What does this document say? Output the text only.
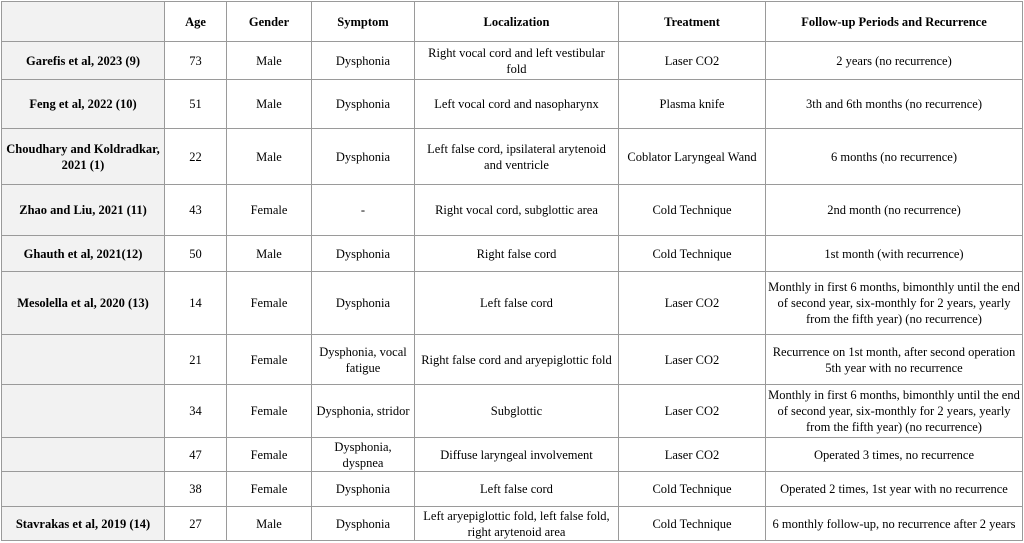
	Age	Gender	Symptom	Localization	Treatment	Follow-up Periods and Recurrence
Garefis et al, 2023 (9)	73	Male	Dysphonia	Right vocal cord and left vestibular fold	Laser CO2	2 years (no recurrence)
Feng et al, 2022 (10)	51	Male	Dysphonia	Left vocal cord and nasopharynx	Plasma knife	3th and 6th months (no recurrence)
Choudhary and Koldradkar, 2021 (1)	22	Male	Dysphonia	Left false cord, ipsilateral arytenoid and ventricle	Coblator Laryngeal Wand	6 months (no recurrence)
Zhao and Liu, 2021 (11)	43	Female	-	Right vocal cord, subglottic area	Cold Technique	2nd month (no recurrence)
Ghauth et al, 2021(12)	50	Male	Dysphonia	Right false cord	Cold Technique	1st month (with recurrence)
Mesolella et al, 2020 (13)	14	Female	Dysphonia	Left false cord	Laser CO2	Monthly in first 6 months, bimonthly until the end of second year, six-monthly for 2 years, yearly from the fifth year) (no recurrence)
	21	Female	Dysphonia, vocal fatigue	Right false cord and aryepiglottic fold	Laser CO2	Recurrence on 1st month, after second operation 5th year with no recurrence
	34	Female	Dysphonia, stridor	Subglottic	Laser CO2	Monthly in first 6 months, bimonthly until the end of second year, six-monthly for 2 years, yearly from the fifth year) (no recurrence)
	47	Female	Dysphonia, dyspnea	Diffuse laryngeal involvement	Laser CO2	Operated 3 times, no recurrence
	38	Female	Dysphonia	Left false cord	Cold Technique	Operated 2 times, 1st year with no recurrence
Stavrakas et al, 2019 (14)	27	Male	Dysphonia	Left aryepiglottic fold, left false fold, right arytenoid area	Cold Technique	6 monthly follow-up, no recurrence after 2 years
